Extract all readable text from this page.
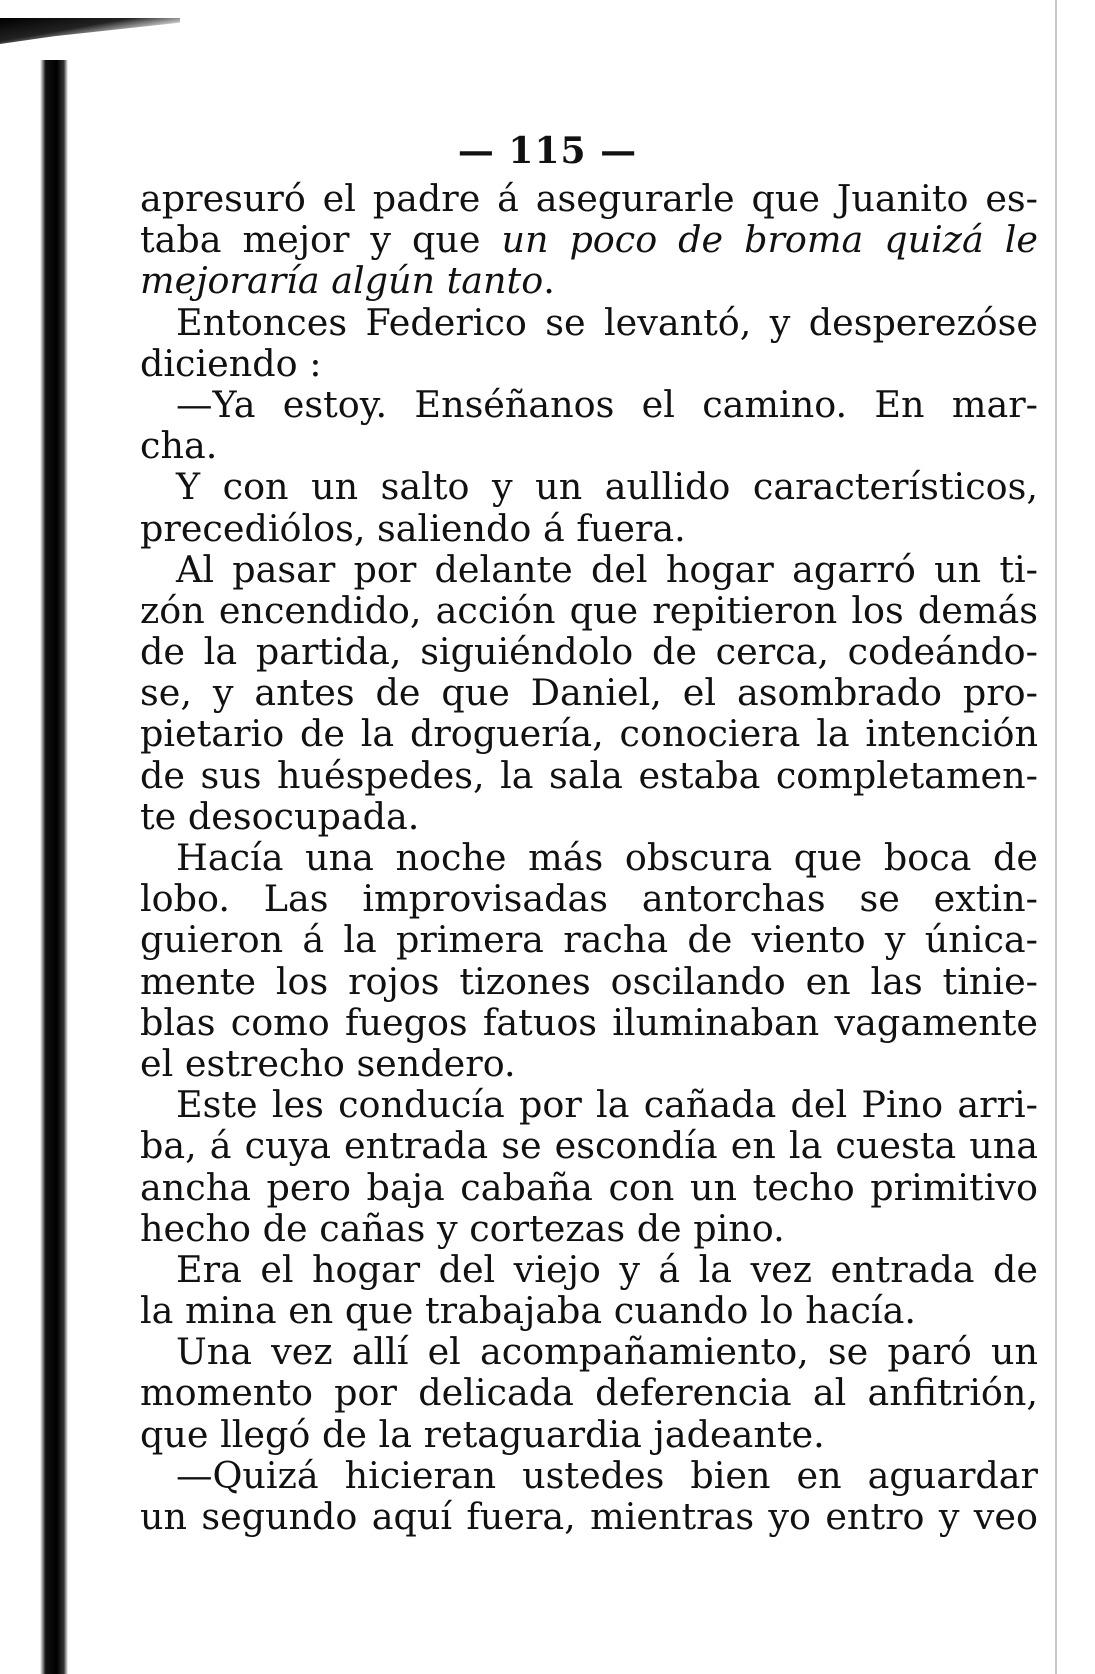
— 115 —
apresuró el padre á asegurarle que Juanito es-
taba mejor y que un poco de broma quizá le
mejoraría algún tanto.
Entonces Federico se levantó, y desperezóse
diciendo :
—Ya estoy. Enséñanos el camino. En mar-
cha.
Y con un salto y un aullido característicos,
precediólos, saliendo á fuera.
Al pasar por delante del hogar agarró un ti-
zón encendido, acción que repitieron los demás
de la partida, siguiéndolo de cerca, codeándo-
se, y antes de que Daniel, el asombrado pro-
pietario de la droguería, conociera la intención
de sus huéspedes, la sala estaba completamen-
te desocupada.
Hacía una noche más obscura que boca de
lobo. Las improvisadas antorchas se extin-
guieron á la primera racha de viento y única-
mente los rojos tizones oscilando en las tinie-
blas como fuegos fatuos iluminaban vagamente
el estrecho sendero.
Este les conducía por la cañada del Pino arri-
ba, á cuya entrada se escondía en la cuesta una
ancha pero baja cabaña con un techo primitivo
hecho de cañas y cortezas de pino.
Era el hogar del viejo y á la vez entrada de
la mina en que trabajaba cuando lo hacía.
Una vez allí el acompañamiento, se paró un
momento por delicada deferencia al anfitrión,
que llegó de la retaguardia jadeante.
—Quizá hicieran ustedes bien en aguardar
un segundo aquí fuera, mientras yo entro y veo
